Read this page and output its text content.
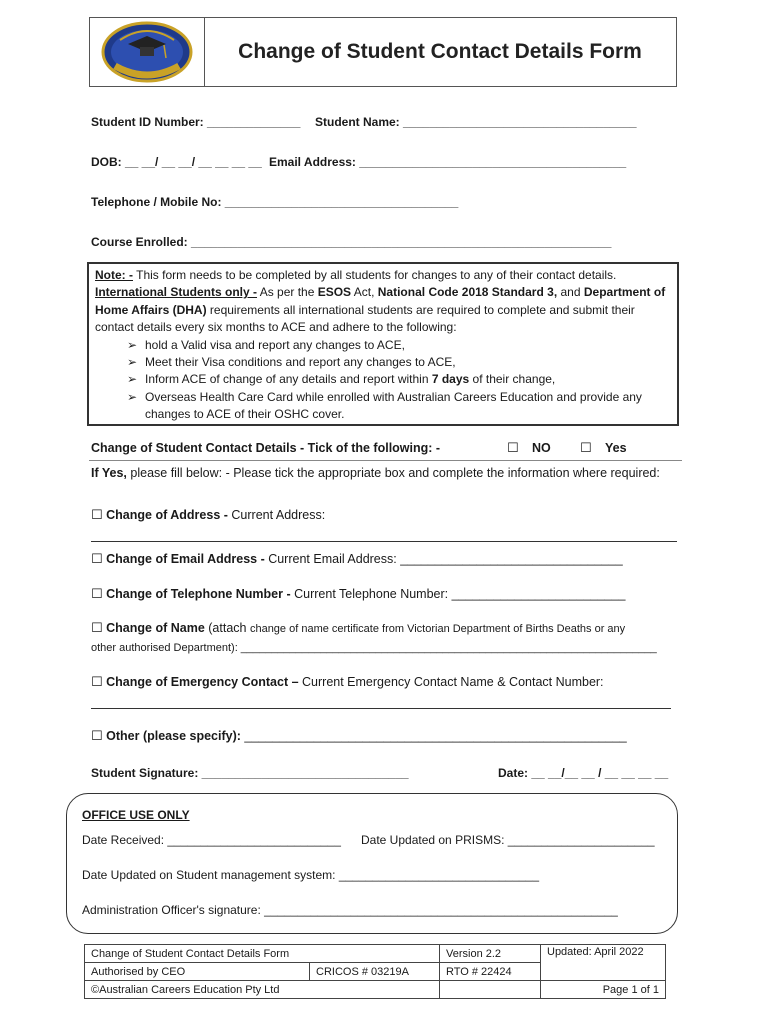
Change of Student Contact Details Form
Student ID Number: ______________ Student Name: ___________________________________
DOB: __ __/ __ __/ __ __ __ __ Email Address: ________________________________________
Telephone / Mobile No: ___________________________________
Course Enrolled: _______________________________________________________________
Note: - This form needs to be completed by all students for changes to any of their contact details.
International Students only - As per the ESOS Act, National Code 2018 Standard 3, and Department of Home Affairs (DHA) requirements all international students are required to complete and submit their contact details every six months to ACE and adhere to the following:
➢ hold a Valid visa and report any changes to ACE,
➢ Meet their Visa conditions and report any changes to ACE,
➢ Inform ACE of change of any details and report within 7 days of their change,
➢ Overseas Health Care Card while enrolled with Australian Careers Education and provide any changes to ACE of their OSHC cover.
Change of Student Contact Details - Tick of the following: -	☐ NO ☐ Yes
If Yes, please fill below: - Please tick the appropriate box and complete the information where required:
☐ Change of Address - Current Address:
☐ Change of Email Address - Current Email Address: ________________________________
☐ Change of Telephone Number - Current Telephone Number: _________________________
☐ Change of Name (attach change of name certificate from Victorian Department of Births Deaths or any
other authorised Department): ____________________________________________________________________
☐ Change of Emergency Contact – Current Emergency Contact Name & Contact Number:
☐ Other (please specify): _______________________________________________________
Student Signature: _______________________________	Date: __ __/__ __ / __ __ __ __
OFFICE USE ONLY
Date Received: __________________________ Date Updated on PRISMS: ______________________
Date Updated on Student management system: ______________________________
Administration Officer's signature: _____________________________________________________
Change of Student Contact Details Form		Version 2.2	Updated: April 2022
Authorised by CEO	CRICOS # 03219A	RTO # 22424	
©Australian Careers Education Pty Ltd			Page 1 of 1
